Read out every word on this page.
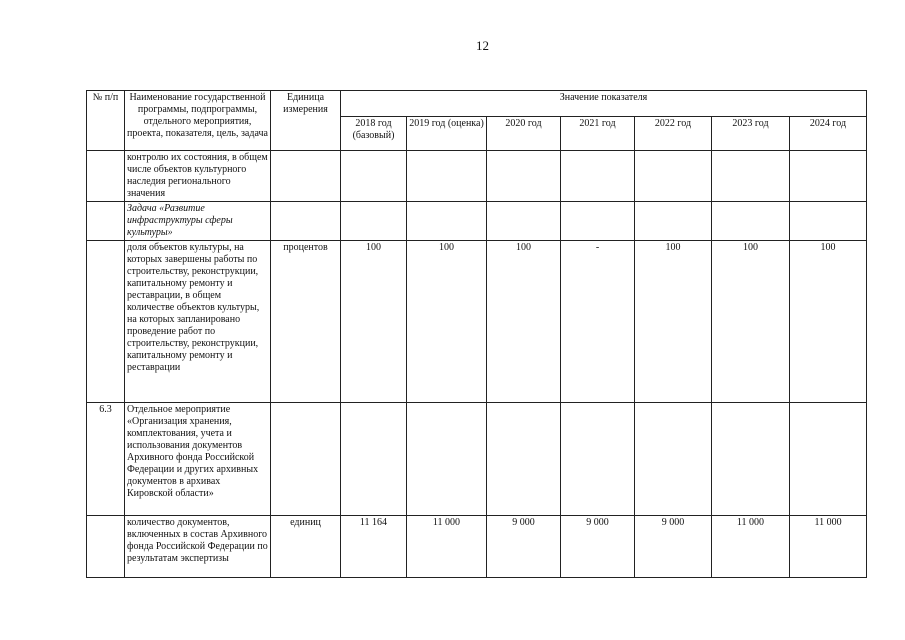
12
№ п/п	Наименование государственной программы, подпрограммы, отдельного мероприятия, проекта, показателя, цель, задача	Единица измерения	Значение показателя						
			2018 год (базовый)	2019 год (оценка)	2020 год	2021 год	2022 год	2023 год	2024 год
	контролю их состояния, в общем числе объектов культурного наследия регионального значения								
	Задача «Развитие инфраструктуры сферы культуры»								
	доля объектов культуры, на которых завершены работы по строительству, реконструкции, капитальному ремонту и реставрации, в общем количестве объектов культуры, на которых запланировано проведение работ по строительству, реконструкции, капитальному ремонту и реставрации	процентов	100	100	100	-	100	100	100
6.3	Отдельное мероприятие «Организация хранения, комплектования, учета и использования документов Архивного фонда Российской Федерации и других архивных документов в архивах Кировской области»								
	количество документов, включенных в состав Архивного фонда Российской Федерации по результатам экспертизы	единиц	11 164	11 000	9 000	9 000	9 000	11 000	11 000
